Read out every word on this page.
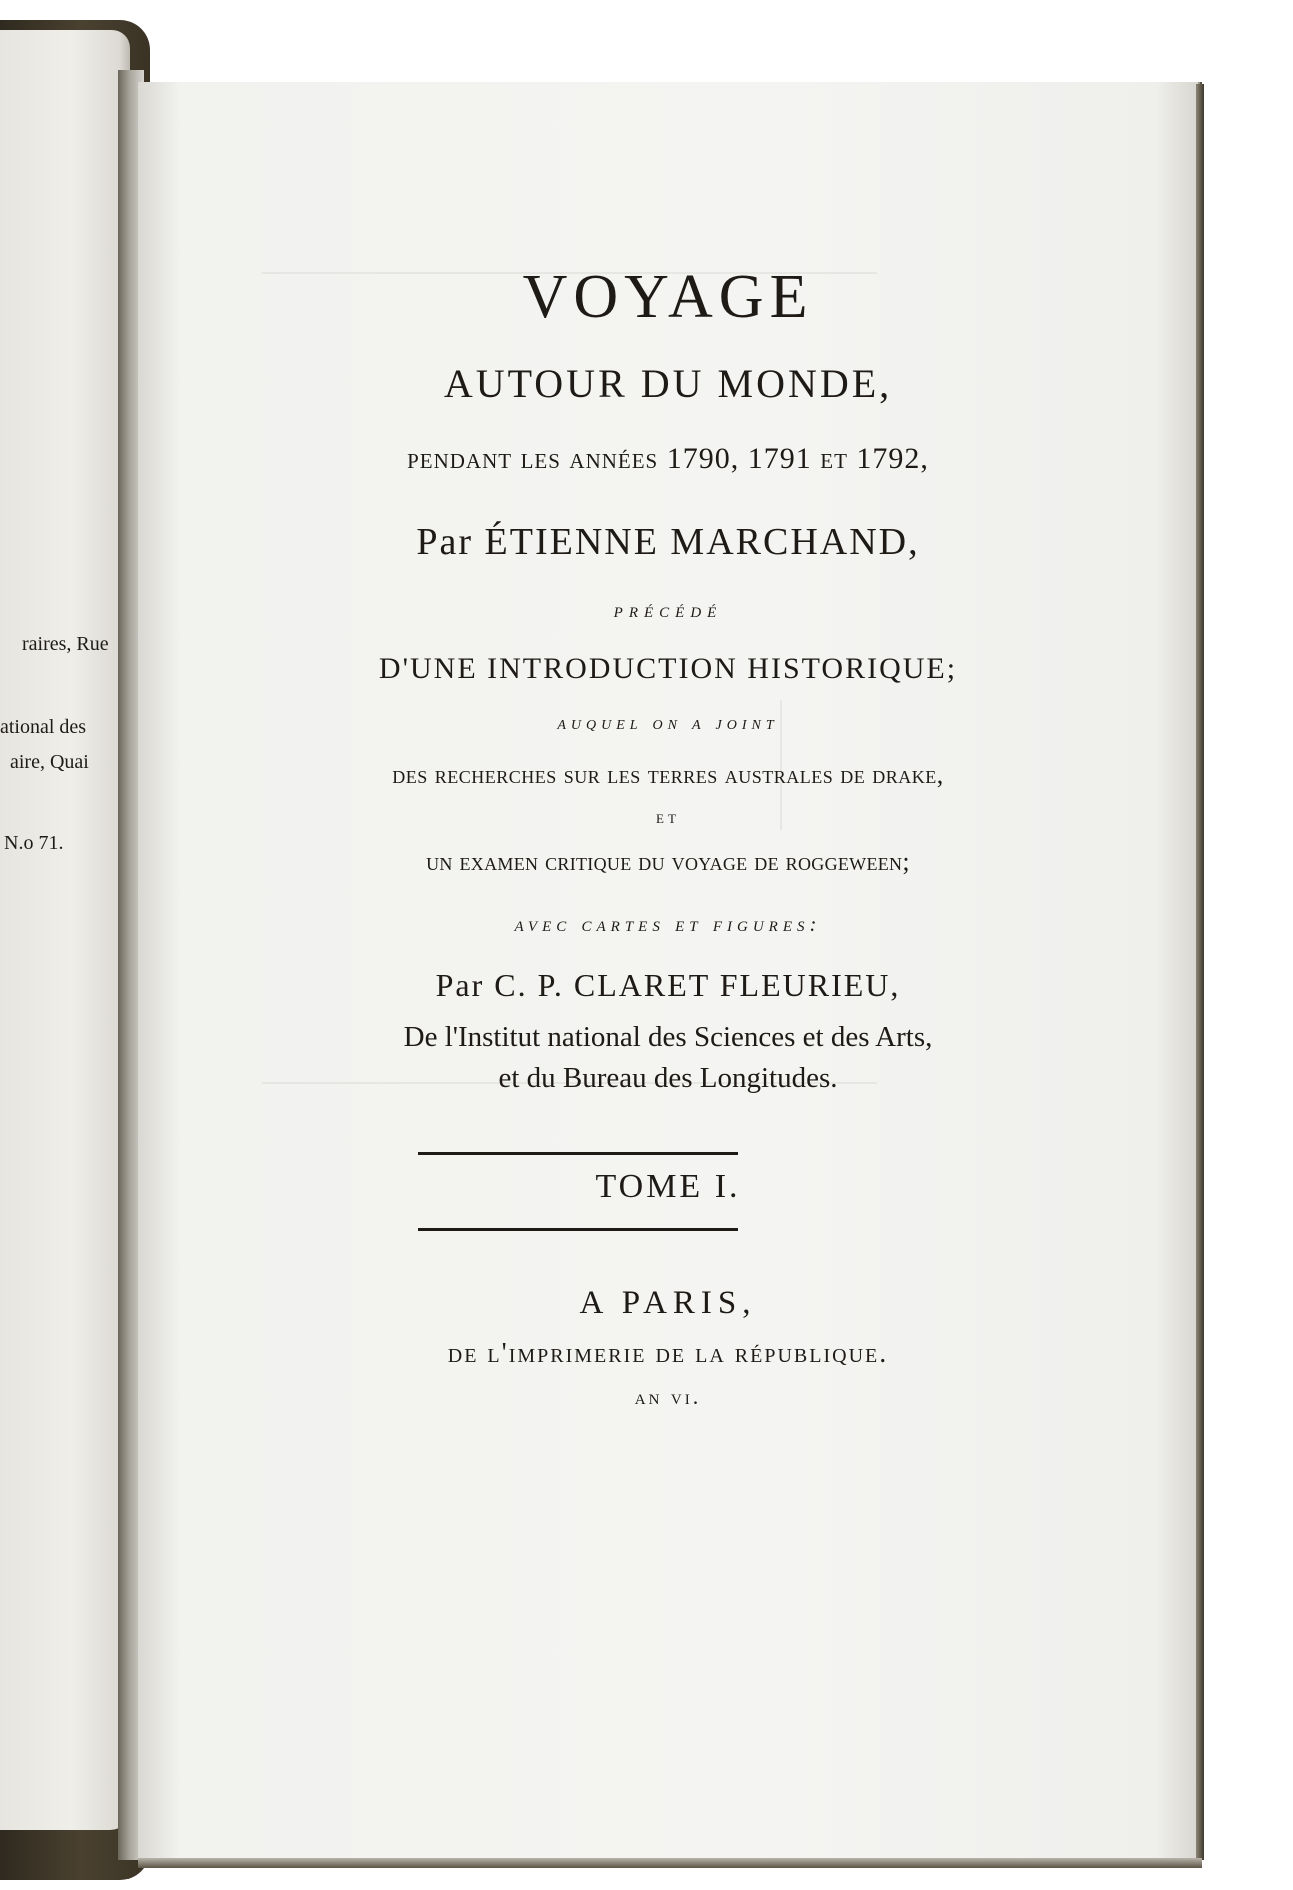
raires, Rue
ational des
aire, Quai
N.o 71.
VOYAGE
AUTOUR DU MONDE,
pendant les années 1790, 1791 et 1792,
Par ÉTIENNE MARCHAND,
précédé
D'UNE INTRODUCTION HISTORIQUE;
auquel on a joint
des recherches sur les terres australes de drake,
et
un examen critique du voyage de roggeween;
avec cartes et figures:
Par C. P. CLARET FLEURIEU,
De l'Institut national des Sciences et des Arts,
et du Bureau des Longitudes.
TOME I.
A PARIS,
de l'imprimerie de la république.
an vi.
